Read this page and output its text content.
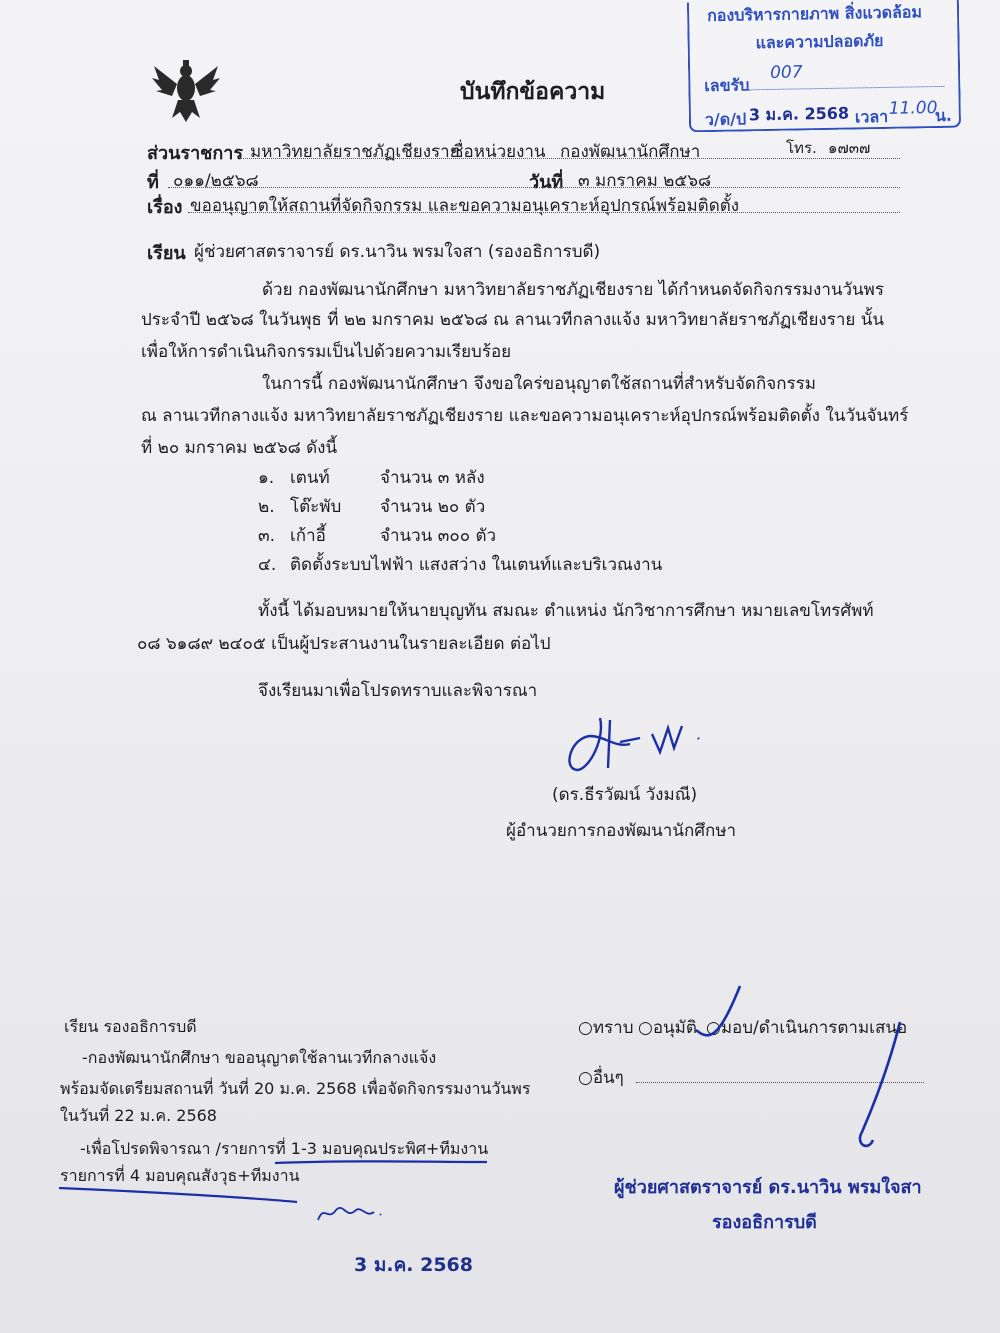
บันทึกข้อความ
กองบริหารกายภาพ สิ่งแวดล้อม
และความปลอดภัย
เลขรับ
007
ว/ด/ป 3 ม.ค. 2568 เวลา 11.00
น.
ส่วนราชการ มหาวิทยาลัยราชภัฏเชียงราย
ชื่อหน่วยงาน กองพัฒนานักศึกษา	โทร. ๑๗๓๗
ที่ ๐๑๑/๒๕๖๘	วันที่ ๓ มกราคม ๒๕๖๘
เรื่อง ขออนุญาตให้สถานที่จัดกิจกรรม และขอความอนุเคราะห์อุปกรณ์พร้อมติดตั้ง
เรียน ผู้ช่วยศาสตราจารย์ ดร.นาวิน พรมใจสา (รองอธิการบดี)
ด้วย กองพัฒนานักศึกษา มหาวิทยาลัยราชภัฏเชียงราย ได้กำหนดจัดกิจกรรมงานวันพร
ประจำปี ๒๕๖๘ ในวันพุธ ที่ ๒๒ มกราคม ๒๕๖๘ ณ ลานเวทีกลางแจ้ง มหาวิทยาลัยราชภัฏเชียงราย นั้น
เพื่อให้การดำเนินกิจกรรมเป็นไปด้วยความเรียบร้อย
ในการนี้ กองพัฒนานักศึกษา จึงขอใคร่ขอนุญาตใช้สถานที่สำหรับจัดกิจกรรม
ณ ลานเวทีกลางแจ้ง มหาวิทยาลัยราชภัฏเชียงราย และขอความอนุเคราะห์อุปกรณ์พร้อมติดตั้ง ในวันจันทร์
ที่ ๒๐ มกราคม ๒๕๖๘ ดังนี้
๑. เตนท์	จำนวน ๓ หลัง
๒. โต๊ะพับ จำนวน ๒๐ ตัว
๓. เก้าอี้	จำนวน ๓๐๐ ตัว
๔. ติดตั้งระบบไฟฟ้า แสงสว่าง ในเตนท์และบริเวณงาน
ทั้งนี้ ได้มอบหมายให้นายบุญทัน สมณะ ตำแหน่ง นักวิชาการศึกษา หมายเลขโทรศัพท์
๐๘ ๖๑๘๙ ๒๔๐๕ เป็นผู้ประสานงานในรายละเอียด ต่อไป
จึงเรียนมาเพื่อโปรดทราบและพิจารณา
(ดร.ธีรวัฒน์ วังมณี)
ผู้อำนวยการกองพัฒนานักศึกษา
เรียน รองอธิการบดี
-กองพัฒนานักศึกษา ขออนุญาตใช้ลานเวทีกลางแจ้ง
พร้อมจัดเตรียมสถานที่ วันที่ 20 ม.ค. 2568 เพื่อจัดกิจกรรมงานวันพร
ในวันที่ 22 ม.ค. 2568
-เพื่อโปรดพิจารณา /รายการที่ 1-3 มอบคุณประพิศ+ทีมงาน
รายการที่ 4 มอบคุณสังวุธ+ทีมงาน
3 ม.ค. 2568
○ทราบ ○อนุมัติ ○มอบ/ดำเนินการตามเสนอ
○อื่นๆ
ผู้ช่วยศาสตราจารย์ ดร.นาวิน พรมใจสา
รองอธิการบดี
